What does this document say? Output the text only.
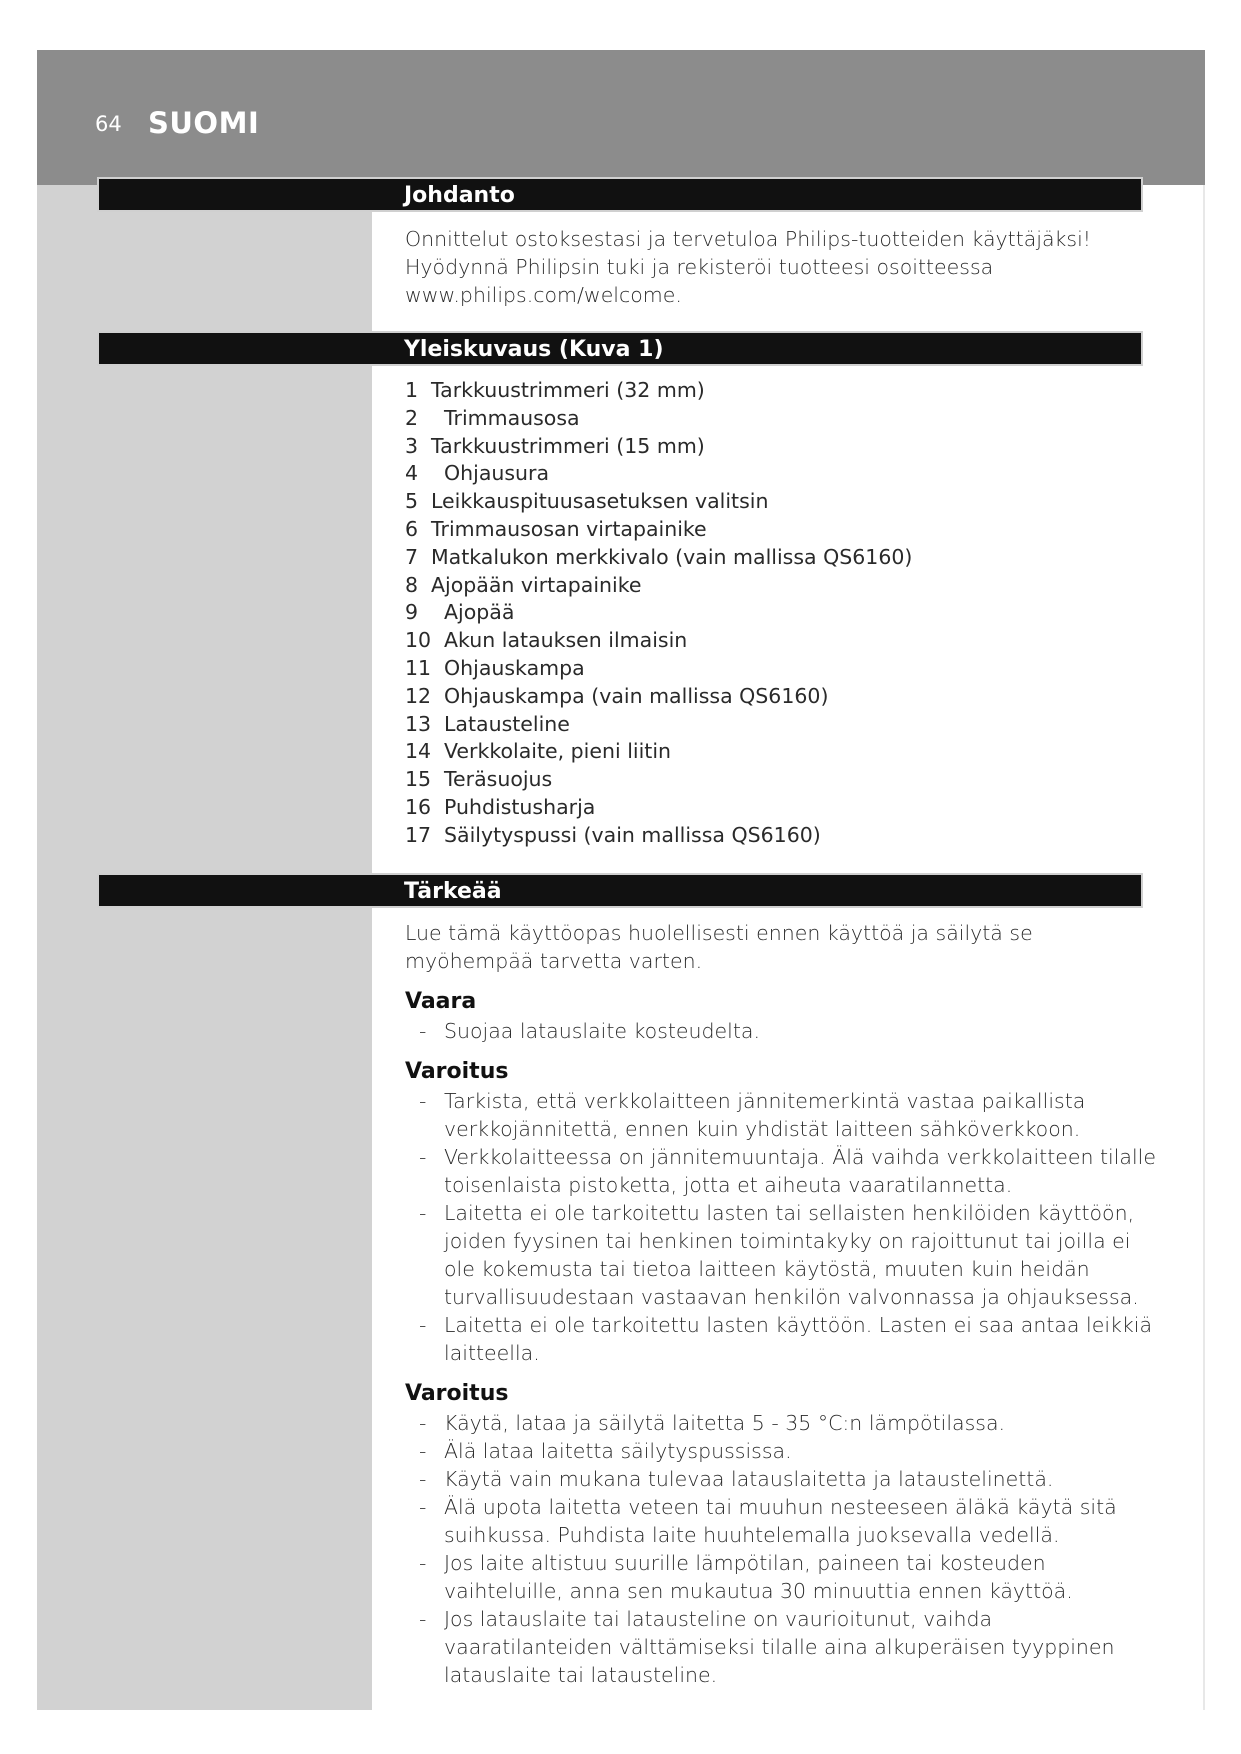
64 SUOMI
Johdanto

Onnittelut ostoksestasi ja tervetuloa Philips-tuotteiden käyttäjäksi! Hyödynnä Philipsin tuki ja rekisteröi tuotteesi osoitteessa www.philips.com/welcome.

Yleiskuvaus (Kuva 1)
1 Tarkkuustrimmeri (32 mm)
2 Trimmausosa
3 Tarkkuustrimmeri (15 mm)
4 Ohjausura
5 Leikkauspituusasetuksen valitsin
6 Trimmausosan virtapainike
7 Matkalukon merkkivalo (vain mallissa QS6160)
8 Ajopään virtapainike
9 Ajopää
10 Akun latauksen ilmaisin
11 Ohjauskampa
12 Ohjauskampa (vain mallissa QS6160)
13 Latausteline
14 Verkkolaite, pieni liitin
15 Teräsuojus
16 Puhdistusharja
17 Säilytyspussi (vain mallissa QS6160)
Tärkeää

Lue tämä käyttöopas huolellisesti ennen käyttöä ja säilytä se myöhempää tarvetta varten.

Vaara

-Suojaa latauslaite kosteudelta.

Varoitus

-Tarkista, että verkkolaitteen jännitemerkintä vastaa paikallista verkkojännitettä, ennen kuin yhdistät laitteen sähköverkkoon.
-Verkkolaitteessa on jännitemuuntaja. Älä vaihda verkkolaitteen tilalle toisenlaista pistoketta, jotta et aiheuta vaaratilannetta.
-Laitetta ei ole tarkoitettu lasten tai sellaisten henkilöiden käyttöön, joiden fyysinen tai henkinen toimintakyky on rajoittunut tai joilla ei ole kokemusta tai tietoa laitteen käytöstä, muuten kuin heidän turvallisuudestaan vastaavan henkilön valvonnassa ja ohjauksessa.
-Laitetta ei ole tarkoitettu lasten käyttöön. Lasten ei saa antaa leikkiä laitteella.

Varoitus

-Käytä, lataa ja säilytä laitetta 5 - 35 °C:n lämpötilassa.
-Älä lataa laitetta säilytyspussissa.
-Käytä vain mukana tulevaa latauslaitetta ja lataustelinettä.
-Älä upota laitetta veteen tai muuhun nesteeseen äläkä käytä sitä suihkussa. Puhdista laite huuhtelemalla juoksevalla vedellä.
-Jos laite altistuu suurille lämpötilan, paineen tai kosteuden vaihteluille, anna sen mukautua 30 minuuttia ennen käyttöä.
-Jos latauslaite tai latausteline on vaurioitunut, vaihda vaaratilanteiden välttämiseksi tilalle aina alkuperäisen tyyppinen latauslaite tai latausteline.
